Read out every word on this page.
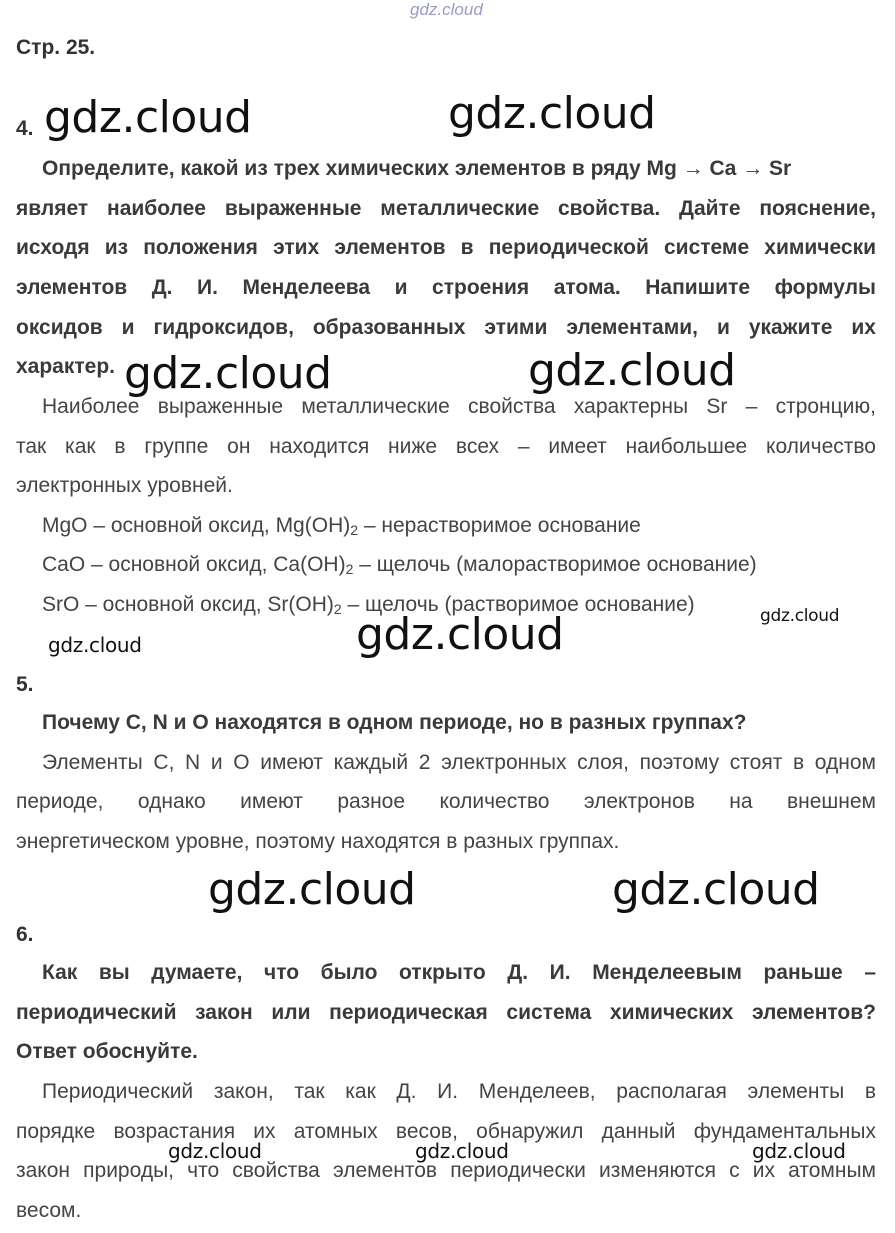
gdz.cloud
Стр. 25.
4. gdz.cloud	gdz.cloud
Определите, какой из трех химических элементов в ряду Mg → Ca → Sr
являет наиболее выраженные металлические свойства. Дайте пояснение,
исходя из положения этих элементов в периодической системе химически
элементов Д. И. Менделеева и строения атома. Напишите формулы
оксидов и гидроксидов, образованных этими элементами, и укажите их
характер. gdz.cloud	gdz.cloud
Наиболее выраженные металлические свойства характерны Sr – стронцию,
так как в группе он находится ниже всех – имеет наибольшее количество
электронных уровней.
MgO – основной оксид, $Mg(OH)_2$ – нерастворимое основание
CaO – основной оксид, $Ca(OH)_2$ – щелочь (малорастворимое основание)
SrO – основной оксид, $Sr(OH)_2$ – щелочь (растворимое основание)	gdz.cloud
gdz.cloud	gdz.cloud
5.
Почему C, N и O находятся в одном периоде, но в разных группах?
Элементы C, N и O имеют каждый 2 электронных слоя, поэтому стоят в одном
периоде, однако имеют разное количество электронов на внешнем
энергетическом уровне, поэтому находятся в разных группах.
gdz.cloud	gdz.cloud
6.
Как вы думаете, что было открыто Д. И. Менделеевым раньше –
периодический закон или периодическая система химических элементов?
Ответ обоснуйте.
Периодический закон, так как Д. И. Менделеев, располагая элементы в
порядке возрастания их атомных весов, обнаружил данный фундаментальных
закон природы, что свойства элементов периодически изменяются с их атомным
весом.
gdz.cloud	gdz.cloud	gdz.cloud
